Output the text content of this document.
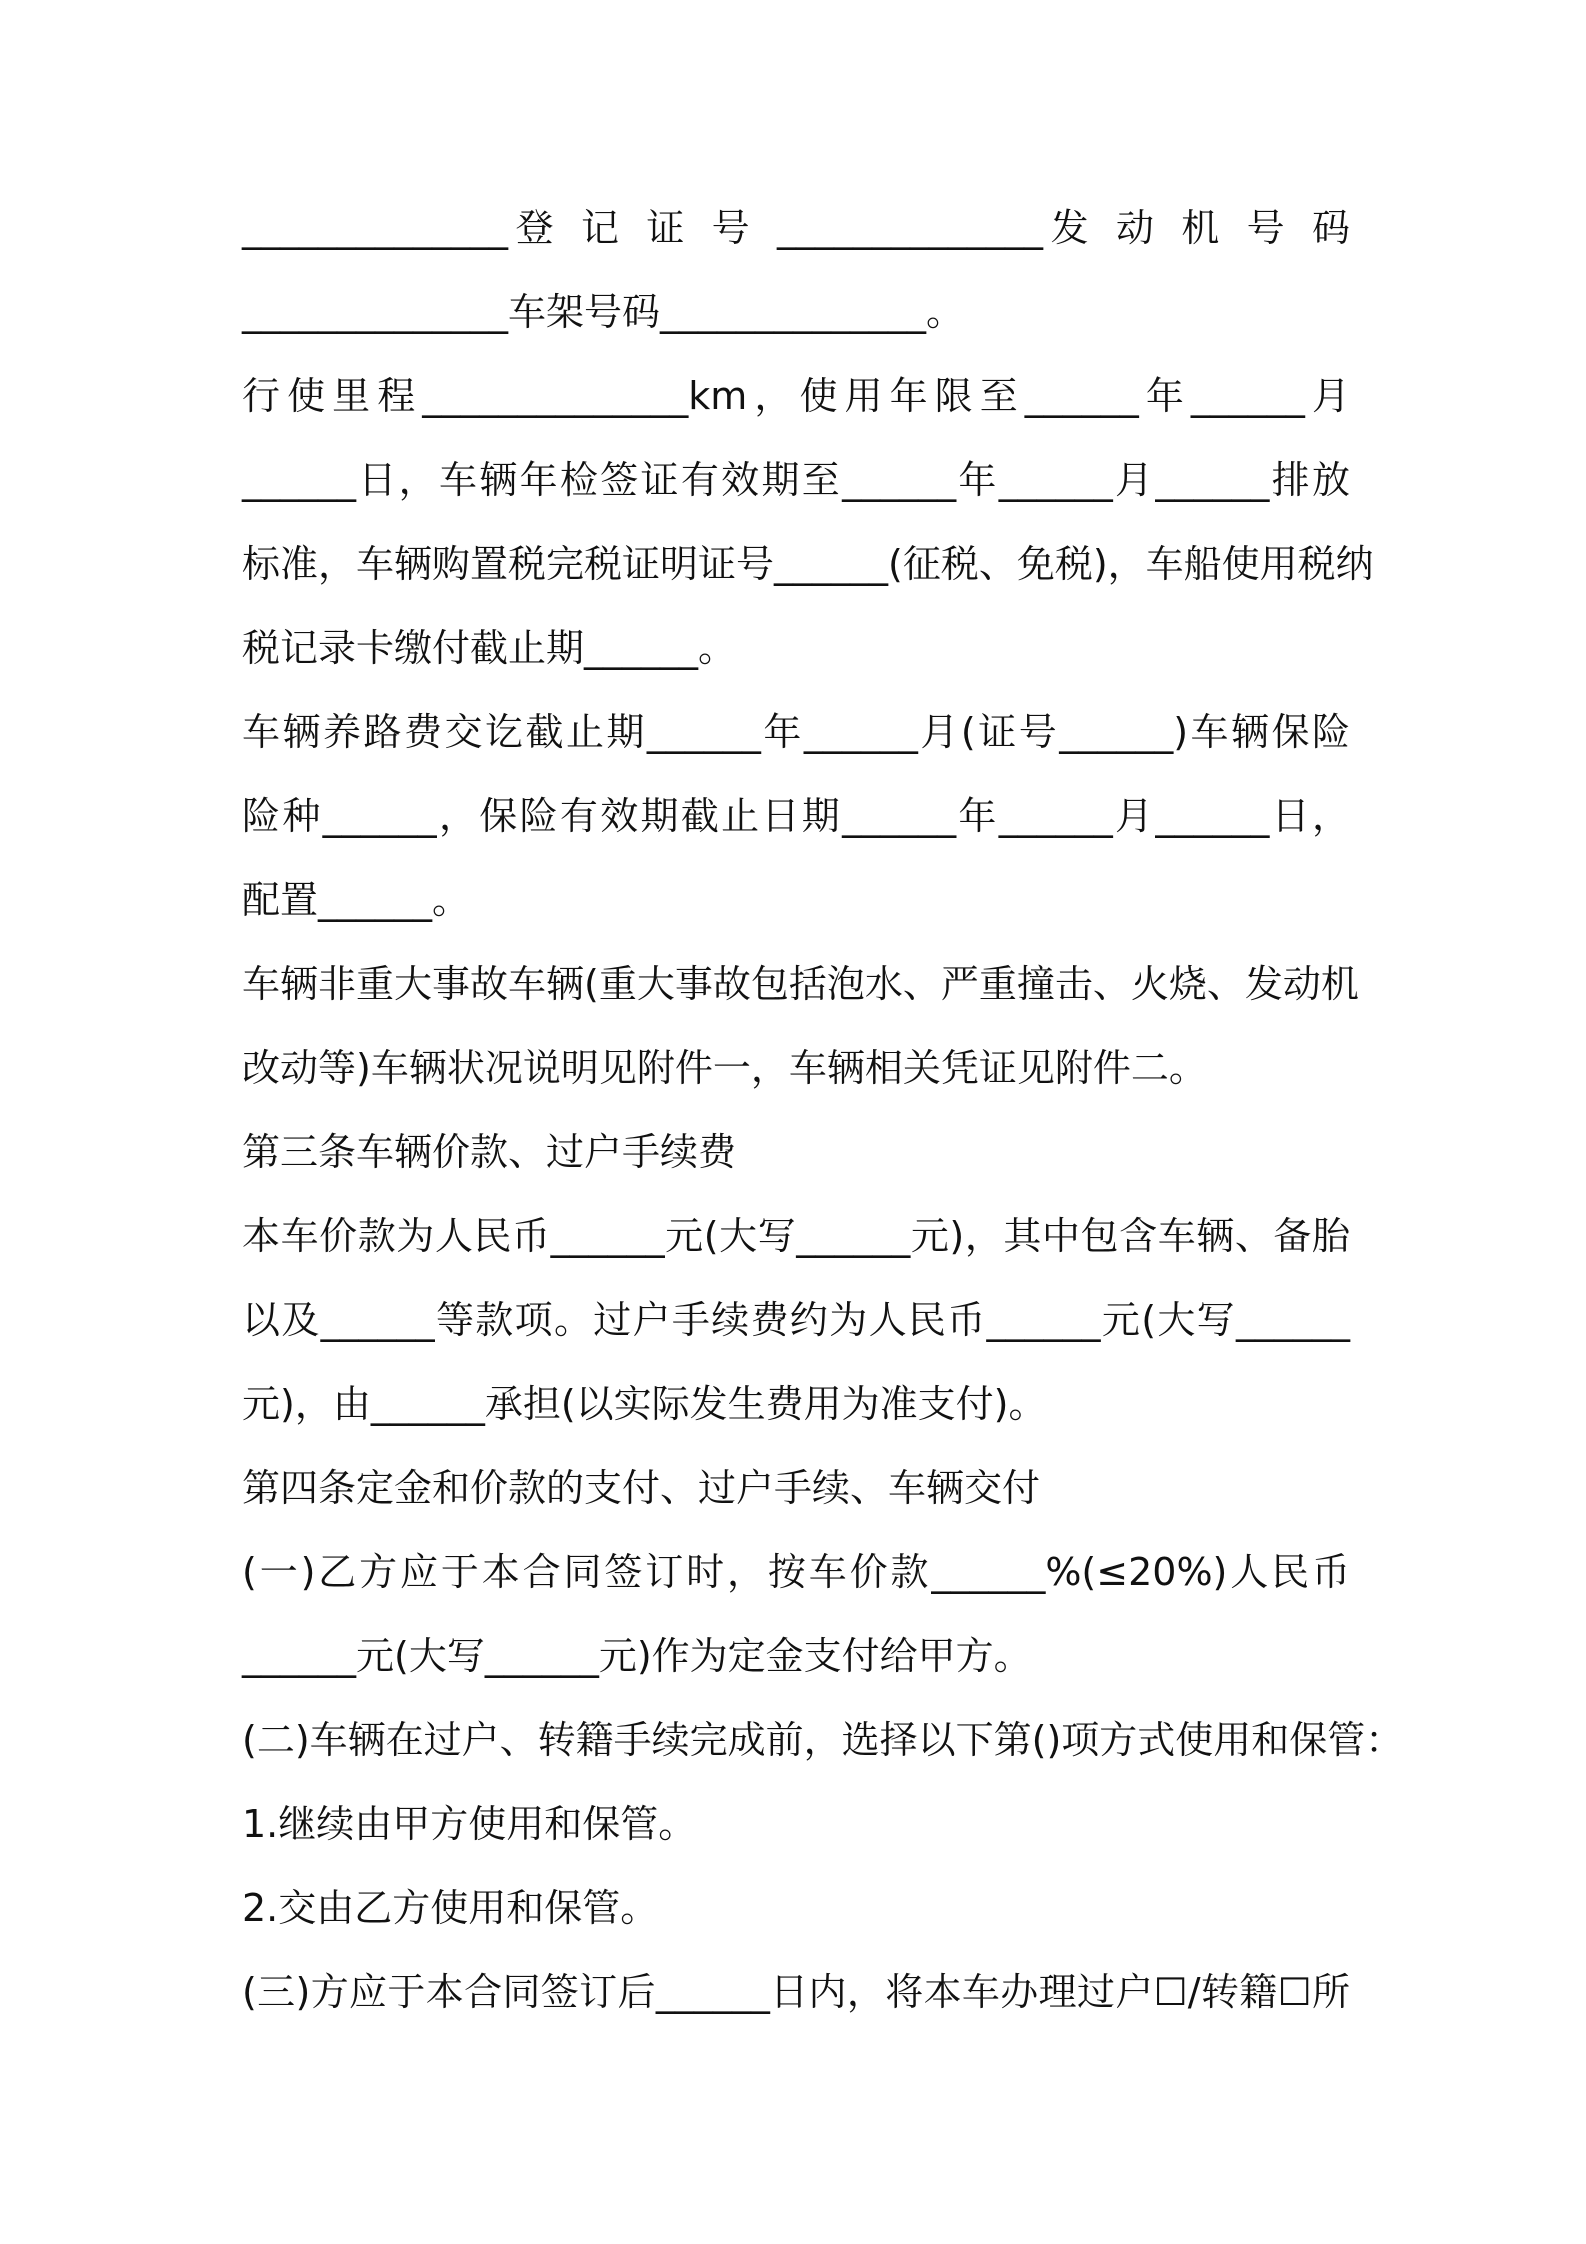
______________登 记 证 号 ______________发 动 机 号 码
______________车架号码______________。
行使里程______________km，使用年限至______年______月
______日，车辆年检签证有效期至______年______月______排放
标准，车辆购置税完税证明证号______(征税、免税)，车船使用税纳
税记录卡缴付截止期______。
车辆养路费交讫截止期______年______月(证号______)车辆保险
险种______，保险有效期截止日期______年______月______日，
配置______。
车辆非重大事故车辆(重大事故包括泡水、严重撞击、火烧、发动机
改动等)车辆状况说明见附件一，车辆相关凭证见附件二。
第三条车辆价款、过户手续费
本车价款为人民币______元(大写______元)，其中包含车辆、备胎
以及______等款项。过户手续费约为人民币______元(大写______
元)，由______承担(以实际发生费用为准支付)。
第四条定金和价款的支付、过户手续、车辆交付
(一)乙方应于本合同签订时，按车价款______%(≤20%)人民币
______元(大写______元)作为定金支付给甲方。
(二)车辆在过户、转籍手续完成前，选择以下第()项方式使用和保管：
1.继续由甲方使用和保管。
2.交由乙方使用和保管。
(三)方应于本合同签订后______日内，将本车办理过户☐/转籍☐所
